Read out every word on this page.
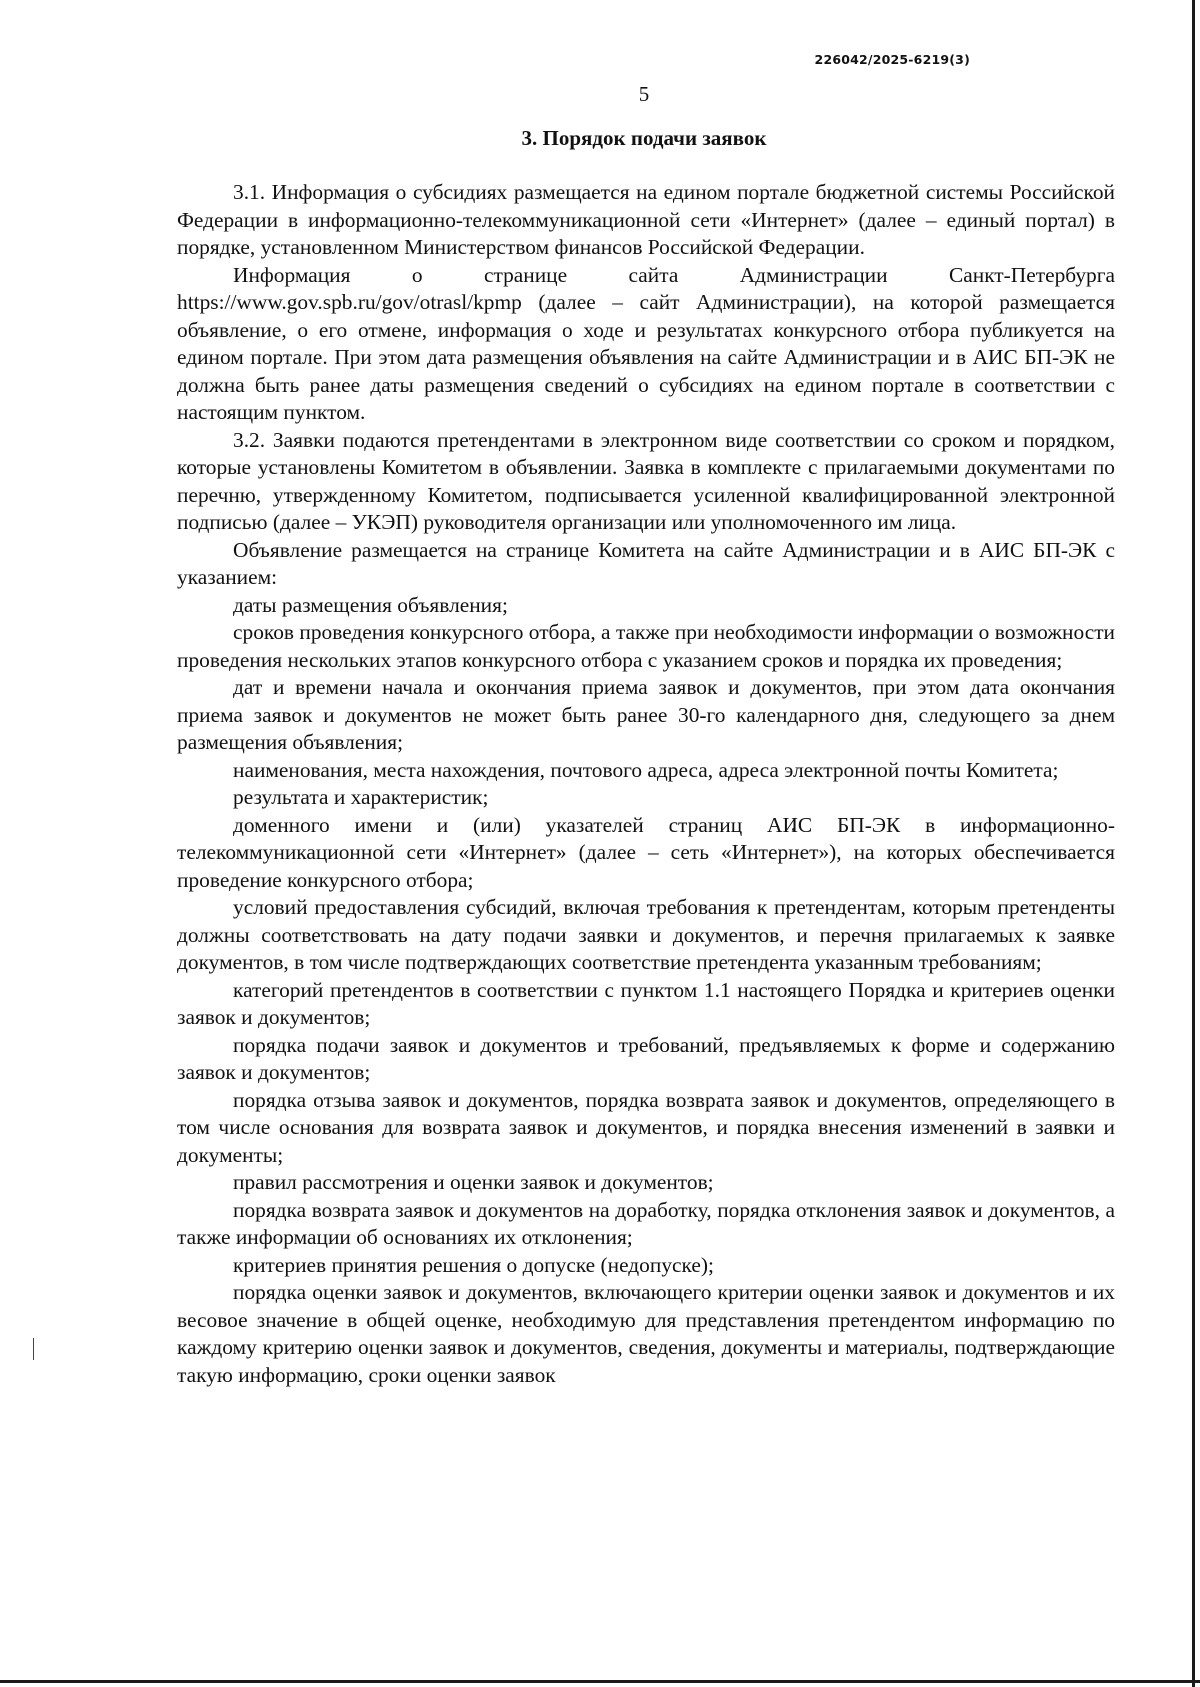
226042/2025-6219(3)
5
3. Порядок подачи заявок

3.1. Информация о субсидиях размещается на едином портале бюджетной системы Российской Федерации в информационно-телекоммуникационной сети «Интернет» (далее – единый портал) в порядке, установленном Министерством финансов Российской Федерации.

Информация о странице сайта Администрации Санкт-Петербурга https://www.gov.spb.ru/gov/otrasl/kpmp (далее – сайт Администрации), на которой размещается объявление, о его отмене, информация о ходе и результатах конкурсного отбора публикуется на едином портале. При этом дата размещения объявления на сайте Администрации и в АИС БП-ЭК не должна быть ранее даты размещения сведений о субсидиях на едином портале в соответствии с настоящим пунктом.

3.2. Заявки подаются претендентами в электронном виде соответствии со сроком и порядком, которые установлены Комитетом в объявлении. Заявка в комплекте с прилагаемыми документами по перечню, утвержденному Комитетом, подписывается усиленной квалифицированной электронной подписью (далее – УКЭП) руководителя организации или уполномоченного им лица.

Объявление размещается на странице Комитета на сайте Администрации и в АИС БП-ЭК с указанием:

даты размещения объявления;

сроков проведения конкурсного отбора, а также при необходимости информации о возможности проведения нескольких этапов конкурсного отбора с указанием сроков и порядка их проведения;

дат и времени начала и окончания приема заявок и документов, при этом дата окончания приема заявок и документов не может быть ранее 30-го календарного дня, следующего за днем размещения объявления;

наименования, места нахождения, почтового адреса, адреса электронной почты Комитета;

результата и характеристик;

доменного имени и (или) указателей страниц АИС БП-ЭК в информационно-телекоммуникационной сети «Интернет» (далее – сеть «Интернет»), на которых обеспечивается проведение конкурсного отбора;

условий предоставления субсидий, включая требования к претендентам, которым претенденты должны соответствовать на дату подачи заявки и документов, и перечня прилагаемых к заявке документов, в том числе подтверждающих соответствие претендента указанным требованиям;

категорий претендентов в соответствии с пунктом 1.1 настоящего Порядка и критериев оценки заявок и документов;

порядка подачи заявок и документов и требований, предъявляемых к форме и содержанию заявок и документов;

порядка отзыва заявок и документов, порядка возврата заявок и документов, определяющего в том числе основания для возврата заявок и документов, и порядка внесения изменений в заявки и документы;

правил рассмотрения и оценки заявок и документов;

порядка возврата заявок и документов на доработку, порядка отклонения заявок и документов, а также информации об основаниях их отклонения;

критериев принятия решения о допуске (недопуске);

порядка оценки заявок и документов, включающего критерии оценки заявок и документов и их весовое значение в общей оценке, необходимую для представления претендентом информацию по каждому критерию оценки заявок и документов, сведения, документы и материалы, подтверждающие такую информацию, сроки оценки заявок
